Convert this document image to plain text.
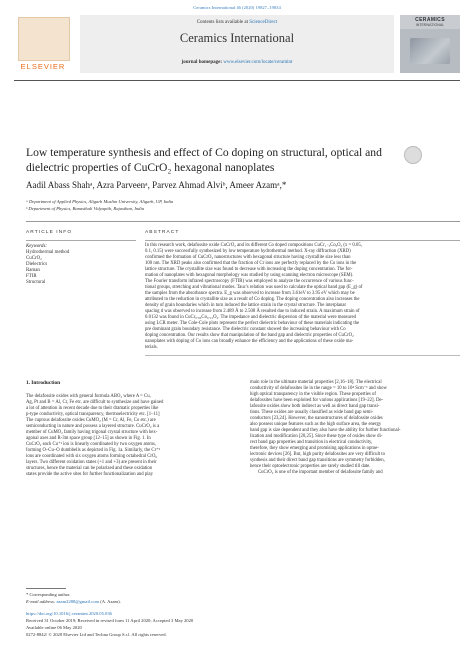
Ceramics International 46 (2020) 19827–19834
ELSEVIER
Contents lists available at ScienceDirect
Ceramics International
journal homepage: www.elsevier.com/locate/ceramint
CERAMICS
INTERNATIONAL
Low temperature synthesis and effect of Co doping on structural, optical and
dielectric properties of CuCrO₂ hexagonal nanoplates
Aadil Abass Shahᵃ, Azra Parveenᵃ, Parvez Ahmad Alviᵇ, Ameer Azamᵃ,*
ᵃ Department of Applied Physics, Aligarh Muslim University, Aligarh, UP, India
ᵇ Department of Physics, Banasthali Vidyapith, Rajasthan, India
ARTICLE INFO
Keywords:
Hydrothermal method
CuCrO₂
Dielectrics
Raman
FTIR
Structural
ABSTRACT
In this research work, delafossite oxide CuCrO₂ and its different Co doped compositions CuCr₁₋ₓCoₓO₂ (x = 0.05,
0.1, 0.15) were successfully synthesized by low temperature hydrothermal method. X-ray diffraction (XRD)
confirmed the formation of CuCrO₂ nanostructures with hexagonal structure having crystallite size less than
100 nm. The XRD peaks also confirmed that the fraction of Cr ions are perfectly replaced by the Co ions in the
lattice structure. The crystallite size was found to decrease with increasing the doping concentration. The for-
mation of nanoplates with hexagonal morphology was studied by using scanning electron microscope (SEM).
The Fourier transform infrared spectroscopy (FTIR) was employed to analyze the occurrence of various func-
tional groups, stretching and vibrational modes. Tauc's relation was used to calculate the optical band gap (E_g) of
the samples from the absorbance spectra. E_g was observed to increase from 3.61eV to 3.95 eV which may be
attributed to the reduction in crystallite size as a result of Co doping. The doping concentration also increases the
density of grain boundaries which in turn induced the lattice strain in the crystal structure. The interplanar
spacing d was observed to increase from 2.489 Å to 2.508 Å resulted due to induced strain. A maximum strain of
0.0132 was found in CuCr₀.₈₅Co₀.₁₅O₂. The impedance and dielectric dispersion of the material were measured
using LCR meter. The Cole-Cole plots represent the perfect dielectric behaviour of these materials indicating the
pre dominant grain boundary resistance. The dielectric constant showed the increasing behaviour with Co
doping concentration. Our results show that manipulation of the band gap and dielectric properties of CuCrO₂
nanoplates with doping of Co ions can broadly enhance the efficiency and the applications of these oxide ma-
terials.
1. Introduction
The delafossite oxides with general formula ABO₂ where A = Cu,
Ag, Pt and B = Al, Cr, Fe etc. are difficult to synthesize and have gained
a lot of attention in recent decade due to their dramatic properties like
p-type conductivity, optical transparency, thermoelectricity etc. [1–11]
The cuprous delafossite oxides CuMO₂ (M = Cr, Al, Fe, Co etc.) are
semiconducting in nature and possess a layered structure. CuCrO₂ is a
member of CuMO₂ family having trigonal crystal structure with hex-
agonal axes and R-3m space group [12–15] as shown in Fig. 1. In
CuCrO₂ each Cu⁺¹ ion is linearly coordinated by two oxygen atoms,
forming O–Cu–O dumbbells as depicted in Fig. 1a. Similarly, the Cr⁺³
ions are coordinated with six oxygen atoms forming octahedral CrO₆
layers. Two different oxidation states (+1 and +3) are present in their
structures, hence the material can be polarized and these oxidation
states provide the active sites for further functionalization and play
main role in the ultimate material properties [2,16–18]. The electrical
conductivity of delafossites lie in the range = 10 to 10⁴ Scm⁻¹ and show
high optical transparency in the visible region. These properties of
delafossites have been exploited for various applications [19–22]. De-
lafossite oxides show both indirect as well as direct band gap transi-
tions. These oxides are usually classified as wide band gap semi-
conductors [23,24]. However, the nanostructures of delafossite oxides
also possess unique features such as the high surface area, the energy
band gap is size dependent and they also have the ability for further functional-
lization and modification [20,25]. Since these type of oxides show di-
rect band gap properties and transition in electrical conductivity,
therefore, they show emerging and promising applications in optoe-
lectronic devices [26]. But, high purity delafossites are very difficult to
synthesis and their direct band gap transitions are symmetry forbidden,
hence their optoelectronic properties are rarely studied till date.
CuCrO₂ is one of the important member of delafossite family and
* Corresponding author.
E-mail address: azam2288@gmail.com (A. Azam).
https://doi.org/10.1016/j.ceramint.2020.05.036
Received 31 October 2019; Received in revised form 11 April 2020; Accepted 3 May 2020
Available online 06 May 2020
0272-8842/ © 2020 Elsevier Ltd and Techna Group S.r.l. All rights reserved.
